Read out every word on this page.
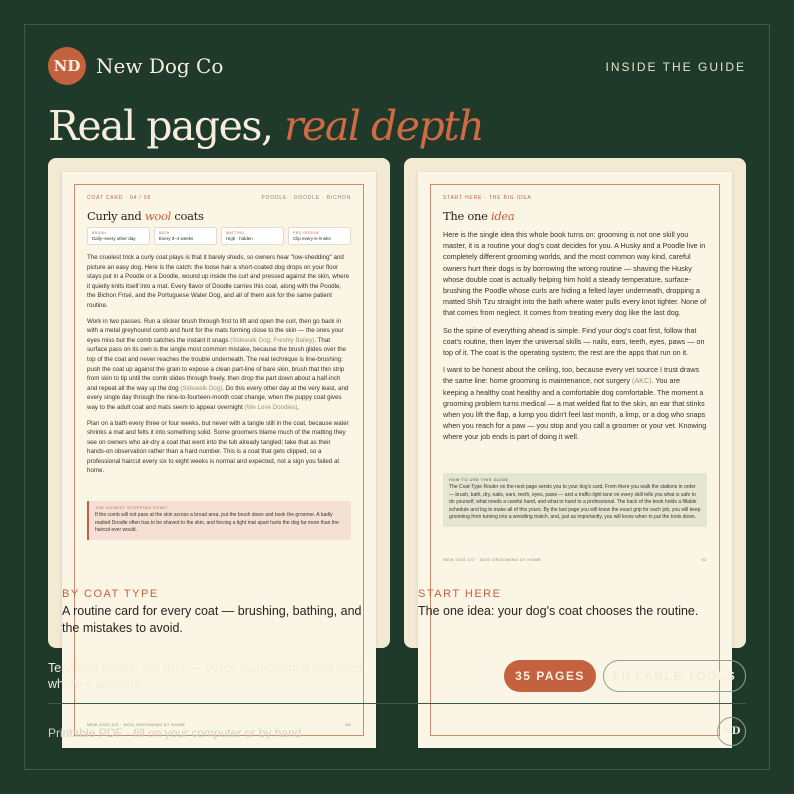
ND New Dog Co	INSIDE THE GUIDE
Real pages, real depth
COAT CARD · 04 / 08	POODLE · DOODLE · BICHON
Curly and wool coats
BRUSH
Daily–every other day
BATH
Every 3–4 weeks
MATTING
High · hidden
PRO GROOM
Clip every 6–8 wks

The cruelest trick a curly coat plays is that it barely sheds, so owners hear "low-shedding" and picture an easy dog. Here is the catch: the loose hair a short-coated dog drops on your floor stays put in a Poodle or a Doodle, wound up inside the curl and pressed against the skin, where it quietly knits itself into a mat. Every flavor of Doodle carries this coat, along with the Poodle, the Bichon Frisé, and the Portuguese Water Dog, and all of them ask for the same patient routine.

Work in two passes. Run a slicker brush through first to lift and open the curl, then go back in with a metal greyhound comb and hunt for the mats forming close to the skin — the ones your eyes miss but the comb catches the instant it snags (Sidewalk Dog; Freshly Bailey). That surface pass on its own is the single most common mistake, because the brush glides over the top of the coat and never reaches the trouble underneath. The real technique is line-brushing: push the coat up against the grain to expose a clean part-line of bare skin, brush that thin strip from skin to tip until the comb slides through freely, then drop the part down about a half-inch and repeat all the way up the dog (Sidewalk Dog). Do this every other day at the very least, and every single day through the nine-to-fourteen-month coat change, when the puppy coat gives way to the adult coat and mats seem to appear overnight (We Love Doodles).

Plan on a bath every three or four weeks, but never with a tangle still in the coat, because water shrinks a mat and felts it into something solid. Some groomers blame much of the matting they see on owners who air-dry a coat that went into the tub already tangled; take that as their hands-on observation rather than a hard number. This is a coat that gets clipped, so a professional haircut every six to eight weeks is normal and expected, not a sign you failed at home.

THE HONEST STOPPING POINT
If the comb will not pass at the skin across a broad area, put the brush down and book the groomer. A badly matted Doodle often has to be shaved to the skin, and forcing a tight mat apart hurts the dog far more than the haircut ever would.
NEW DOG CO · DOG GROOMING AT HOME	08
BY COAT TYPE
A routine card for every coat — brushing, bathing, and the mistakes to avoid.
START HERE · THE BIG IDEA
The one idea

Here is the single idea this whole book turns on: grooming is not one skill you master, it is a routine your dog's coat decides for you. A Husky and a Poodle live in completely different grooming worlds, and the most common way kind, careful owners hurt their dogs is by borrowing the wrong routine — shaving the Husky whose double coat is actually helping him hold a steady temperature, surface-brushing the Poodle whose curls are hiding a felted layer underneath, dropping a matted Shih Tzu straight into the bath where water pulls every knot tighter. None of that comes from neglect. It comes from treating every dog like the last dog.

So the spine of everything ahead is simple. Find your dog's coat first, follow that coat's routine, then layer the universal skills — nails, ears, teeth, eyes, paws — on top of it. The coat is the operating system; the rest are the apps that run on it.

I want to be honest about the ceiling, too, because every vet source I trust draws the same line: home grooming is maintenance, not surgery (AKC). You are keeping a healthy coat healthy and a comfortable dog comfortable. The moment a grooming problem turns medical — a mat welded flat to the skin, an ear that stinks when you lift the flap, a lump you didn't feel last month, a limp, or a dog who snaps when you reach for a paw — you stop and you call a groomer or your vet. Knowing where your job ends is part of doing it well.

HOW TO USE THIS GUIDE
The Coat-Type Router on the next page sends you to your dog's card. From there you walk the stations in order — brush, bath, dry, nails, ears, teeth, eyes, paws — and a traffic-light lane on every skill tells you what is safe to do yourself, what needs a careful hand, and what to hand to a professional. The back of the book holds a fillable schedule and log to make all of this yours. By the last page you will know the exact grip for each job, you will keep grooming from turning into a wrestling match, and, just as importantly, you will know when to put the tools down.
NEW DOG CO · DOG GROOMING AT HOME	02
START HERE
The one idea: your dog's coat chooses the routine.
Teaching pages, not filler — every load-bearing fact cited where it appears.
35 PAGES	FILLABLE TOOLS
Printable PDF · fill on your computer or by hand	ND
